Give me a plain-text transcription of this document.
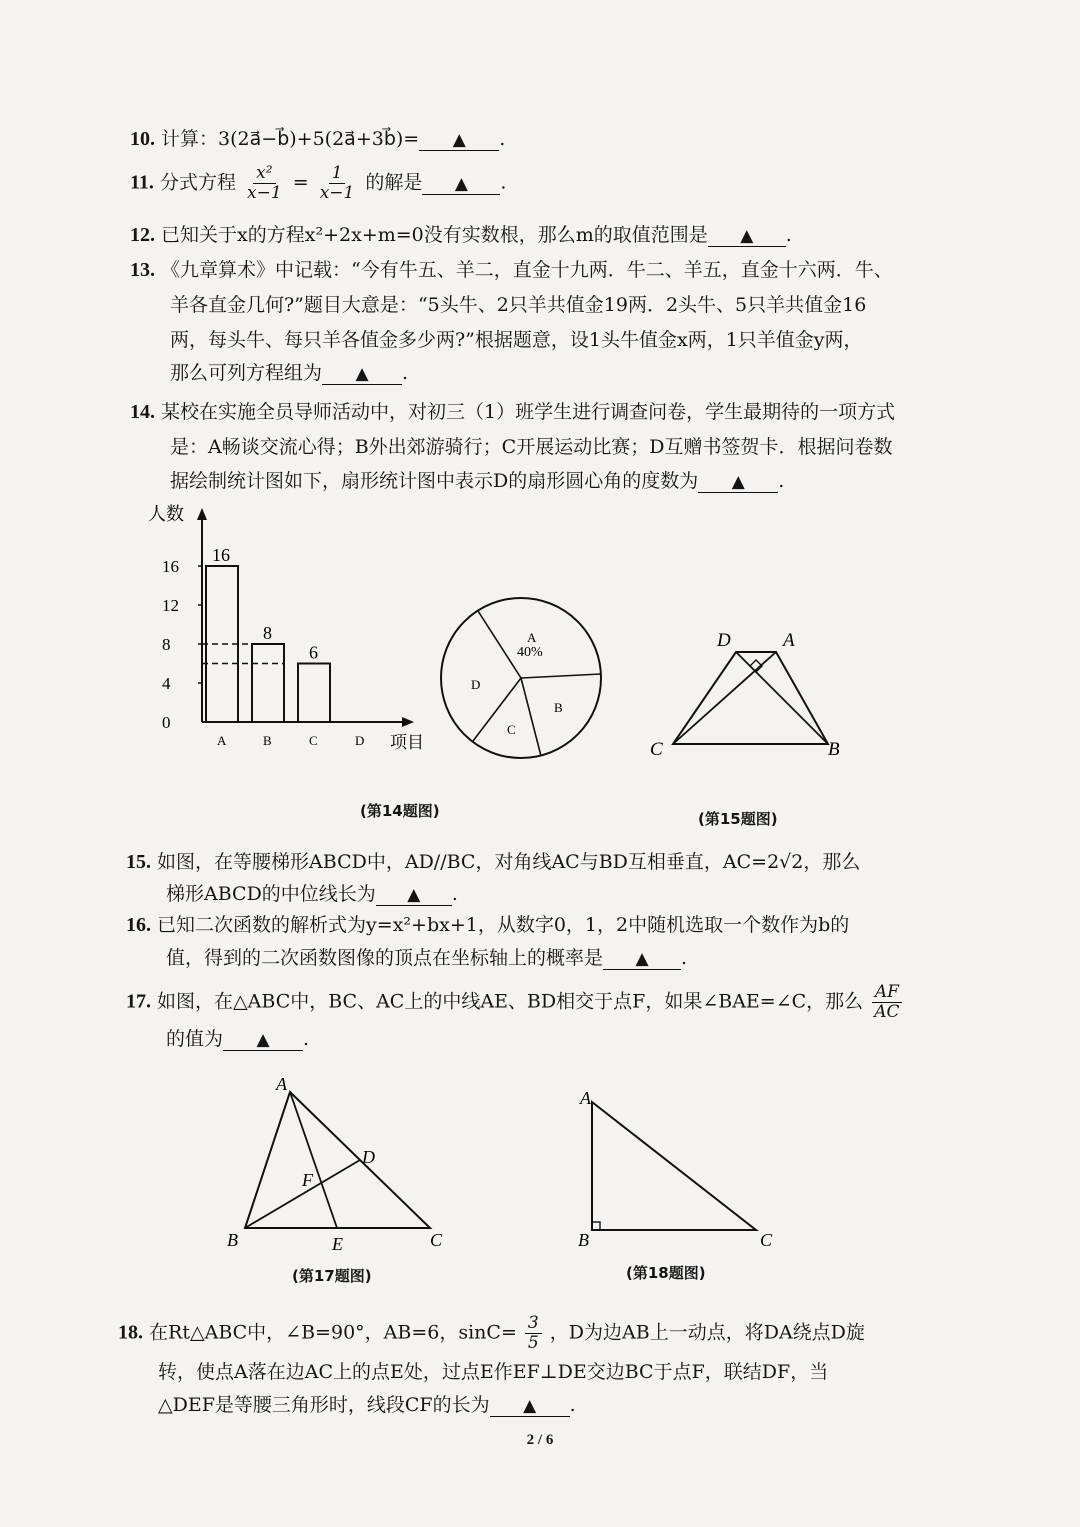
10. 计算：3(2a⃗−b⃗)+5(2a⃗+3b⃗)= ▲ .
11. 分式方程 $\frac{\text{x²}}{x-1} = \frac{1}{x-1}$ 的解是 ▲ .
12. 已知关于x的方程x²+2x+m=0没有实数根，那么m的取值范围是 ▲ .
13. 《九章算术》中记载：“今有牛五、羊二，直金十九两．牛二、羊五，直金十六两．牛、
羊各直金几何?”题目大意是：“5头牛、2只羊共值金19两．2头牛、5只羊共值金16
两，每头牛、每只羊各值金多少两?”根据题意，设1头牛值金x两，1只羊值金y两，
那么可列方程组为 ▲ .
14. 某校在实施全员导师活动中，对初三（1）班学生进行调查问卷，学生最期待的一项方式
是：A畅谈交流心得；B外出郊游骑行；C开展运动比赛；D互赠书签贺卡．根据问卷数
据绘制统计图如下，扇形统计图中表示D的扇形圆心角的度数为 ▲ .
人数
项目
0
4
8
12
16
A
16
B
8
C
6
D
A
40%
B
C
D
D	A
C	B
(第14题图)	(第15题图)
15. 如图，在等腰梯形ABCD中，AD//BC，对角线AC与BD互相垂直，AC=2√2，那么
梯形ABCD的中位线长为 ▲ .
16. 已知二次函数的解析式为y=x²+bx+1，从数字0，1，2中随机选取一个数作为b的
值，得到的二次函数图像的顶点在坐标轴上的概率是 ▲ .
17. 如图，在△ABC中，BC、AC上的中线AE、BD相交于点F，如果∠BAE=∠C，那么 $\frac{AF}{AC}$
的值为 ▲ .
A
B	C
D
E
F
A
B	C
(第17题图)	(第18题图)
18. 在Rt△ABC中，∠B=90°，AB=6，$\sin C= \frac{3}{5}$ ，D为边AB上一动点，将DA绕点D旋
转，使点A落在边AC上的点E处，过点E作EF⊥DE交边BC于点F，联结DF，当
△DEF是等腰三角形时，线段CF的长为 ▲ .
2 / 6
